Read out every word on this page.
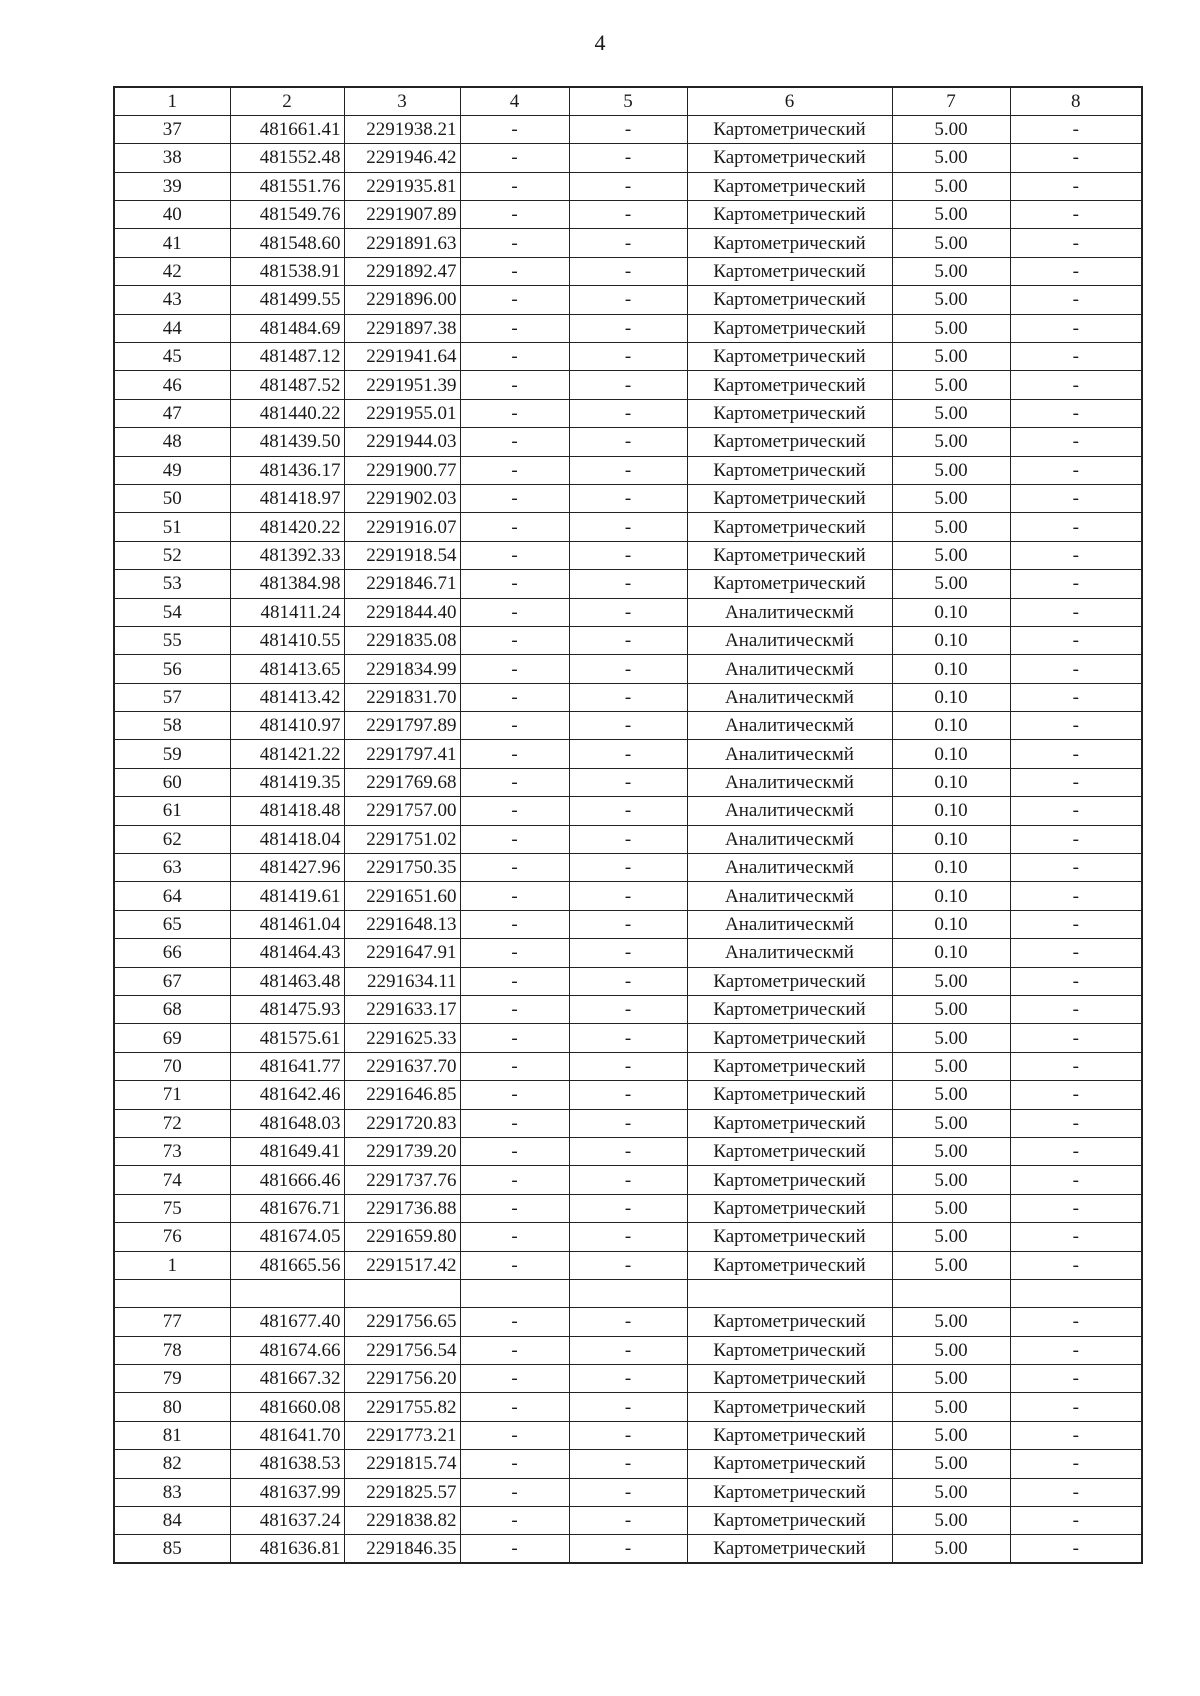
4
1	2	3	4	5	6	7	8
37	481661.41	2291938.21	-	-	Картометрический	5.00	-
38	481552.48	2291946.42	-	-	Картометрический	5.00	-
39	481551.76	2291935.81	-	-	Картометрический	5.00	-
40	481549.76	2291907.89	-	-	Картометрический	5.00	-
41	481548.60	2291891.63	-	-	Картометрический	5.00	-
42	481538.91	2291892.47	-	-	Картометрический	5.00	-
43	481499.55	2291896.00	-	-	Картометрический	5.00	-
44	481484.69	2291897.38	-	-	Картометрический	5.00	-
45	481487.12	2291941.64	-	-	Картометрический	5.00	-
46	481487.52	2291951.39	-	-	Картометрический	5.00	-
47	481440.22	2291955.01	-	-	Картометрический	5.00	-
48	481439.50	2291944.03	-	-	Картометрический	5.00	-
49	481436.17	2291900.77	-	-	Картометрический	5.00	-
50	481418.97	2291902.03	-	-	Картометрический	5.00	-
51	481420.22	2291916.07	-	-	Картометрический	5.00	-
52	481392.33	2291918.54	-	-	Картометрический	5.00	-
53	481384.98	2291846.71	-	-	Картометрический	5.00	-
54	481411.24	2291844.40	-	-	Аналитическмй	0.10	-
55	481410.55	2291835.08	-	-	Аналитическмй	0.10	-
56	481413.65	2291834.99	-	-	Аналитическмй	0.10	-
57	481413.42	2291831.70	-	-	Аналитическмй	0.10	-
58	481410.97	2291797.89	-	-	Аналитическмй	0.10	-
59	481421.22	2291797.41	-	-	Аналитическмй	0.10	-
60	481419.35	2291769.68	-	-	Аналитическмй	0.10	-
61	481418.48	2291757.00	-	-	Аналитическмй	0.10	-
62	481418.04	2291751.02	-	-	Аналитическмй	0.10	-
63	481427.96	2291750.35	-	-	Аналитическмй	0.10	-
64	481419.61	2291651.60	-	-	Аналитическмй	0.10	-
65	481461.04	2291648.13	-	-	Аналитическмй	0.10	-
66	481464.43	2291647.91	-	-	Аналитическмй	0.10	-
67	481463.48	2291634.11	-	-	Картометрический	5.00	-
68	481475.93	2291633.17	-	-	Картометрический	5.00	-
69	481575.61	2291625.33	-	-	Картометрический	5.00	-
70	481641.77	2291637.70	-	-	Картометрический	5.00	-
71	481642.46	2291646.85	-	-	Картометрический	5.00	-
72	481648.03	2291720.83	-	-	Картометрический	5.00	-
73	481649.41	2291739.20	-	-	Картометрический	5.00	-
74	481666.46	2291737.76	-	-	Картометрический	5.00	-
75	481676.71	2291736.88	-	-	Картометрический	5.00	-
76	481674.05	2291659.80	-	-	Картометрический	5.00	-
1	481665.56	2291517.42	-	-	Картометрический	5.00	-

77	481677.40	2291756.65	-	-	Картометрический	5.00	-
78	481674.66	2291756.54	-	-	Картометрический	5.00	-
79	481667.32	2291756.20	-	-	Картометрический	5.00	-
80	481660.08	2291755.82	-	-	Картометрический	5.00	-
81	481641.70	2291773.21	-	-	Картометрический	5.00	-
82	481638.53	2291815.74	-	-	Картометрический	5.00	-
83	481637.99	2291825.57	-	-	Картометрический	5.00	-
84	481637.24	2291838.82	-	-	Картометрический	5.00	-
85	481636.81	2291846.35	-	-	Картометрический	5.00	-
